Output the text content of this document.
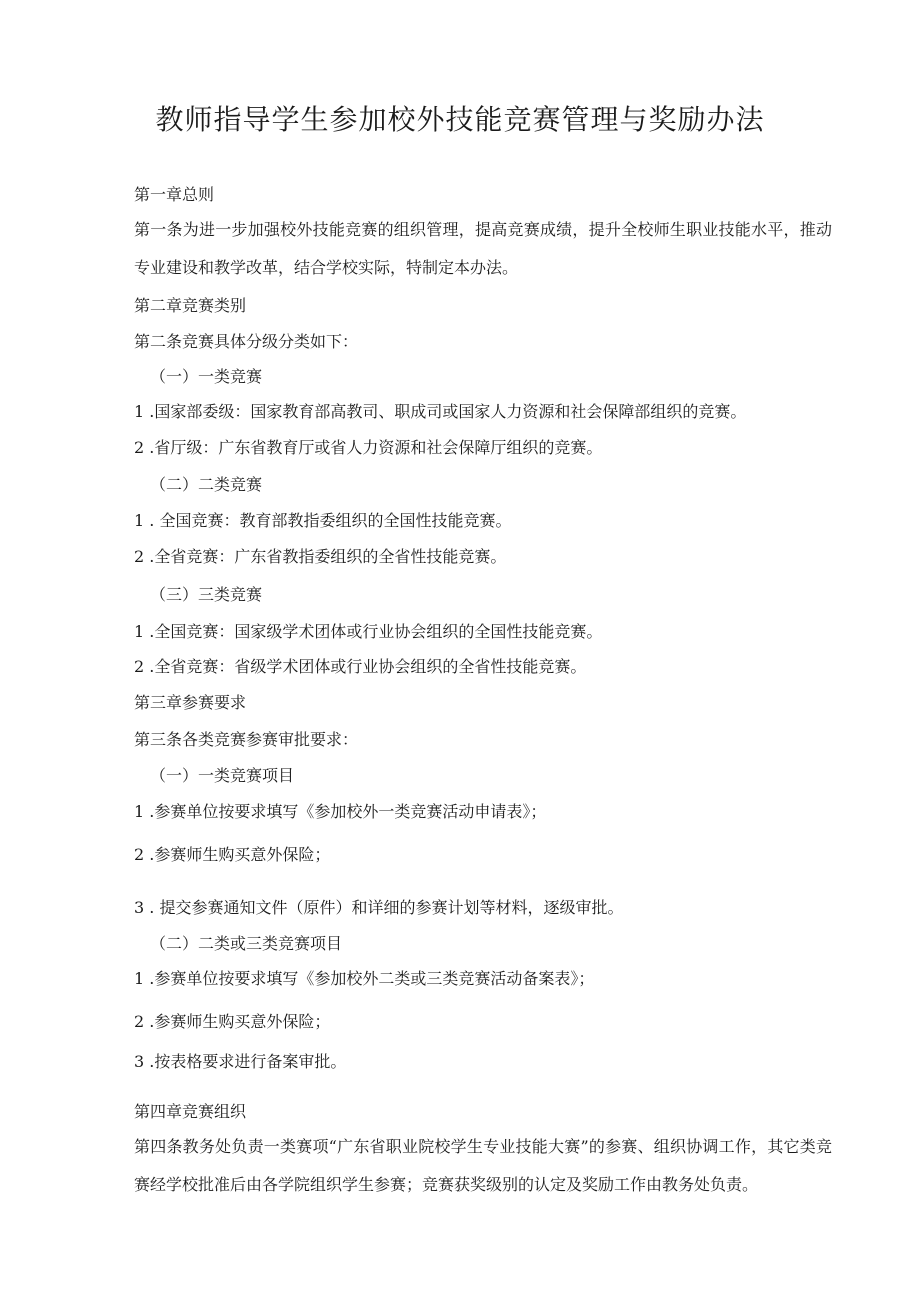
教师指导学生参加校外技能竞赛管理与奖励办法
第一章总则
第一条为进一步加强校外技能竞赛的组织管理，提高竞赛成绩，提升全校师生职业技能水平，推动专业建设和教学改革，结合学校实际，特制定本办法。
第二章竞赛类别
第二条竞赛具体分级分类如下：
（一）一类竞赛
1 .国家部委级：国家教育部高教司、职成司或国家人力资源和社会保障部组织的竞赛。
2 .省厅级：广东省教育厅或省人力资源和社会保障厅组织的竞赛。
（二）二类竞赛
1 . 全国竞赛：教育部教指委组织的全国性技能竞赛。
2 .全省竞赛：广东省教指委组织的全省性技能竞赛。
（三）三类竞赛
1 .全国竞赛：国家级学术团体或行业协会组织的全国性技能竞赛。
2 .全省竞赛：省级学术团体或行业协会组织的全省性技能竞赛。
第三章参赛要求
第三条各类竞赛参赛审批要求：
（一）一类竞赛项目
1 .参赛单位按要求填写《参加校外一类竞赛活动申请表》；
2 .参赛师生购买意外保险；
3 . 提交参赛通知文件（原件）和详细的参赛计划等材料，逐级审批。
（二）二类或三类竞赛项目
1 .参赛单位按要求填写《参加校外二类或三类竞赛活动备案表》；
2 .参赛师生购买意外保险；
3 .按表格要求进行备案审批。
第四章竞赛组织
第四条教务处负责一类赛项“广东省职业院校学生专业技能大赛”的参赛、组织协调工作，其它类竞赛经学校批准后由各学院组织学生参赛；竞赛获奖级别的认定及奖励工作由教务处负责。
